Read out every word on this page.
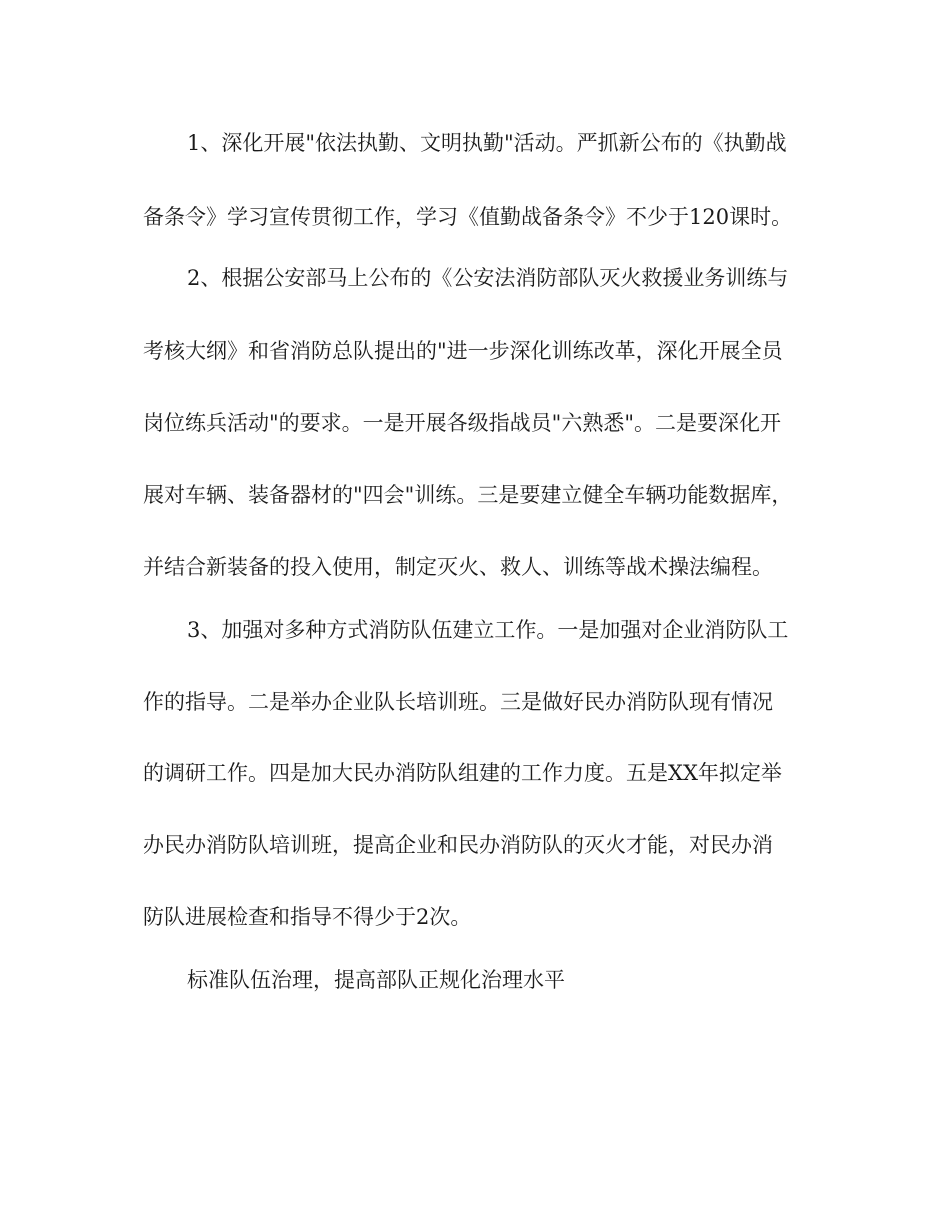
1、深化开展"依法执勤、文明执勤"活动。严抓新公布的《执勤战
备条令》学习宣传贯彻工作，学习《值勤战备条令》不少于120课时。
2、根据公安部马上公布的《公安法消防部队灭火救援业务训练与
考核大纲》和省消防总队提出的"进一步深化训练改革，深化开展全员
岗位练兵活动"的要求。一是开展各级指战员"六熟悉"。二是要深化开
展对车辆、装备器材的"四会"训练。三是要建立健全车辆功能数据库，
并结合新装备的投入使用，制定灭火、救人、训练等战术操法编程。
3、加强对多种方式消防队伍建立工作。一是加强对企业消防队工
作的指导。二是举办企业队长培训班。三是做好民办消防队现有情况
的调研工作。四是加大民办消防队组建的工作力度。五是XX年拟定举
办民办消防队培训班，提高企业和民办消防队的灭火才能，对民办消
防队进展检查和指导不得少于2次。
标准队伍治理，提高部队正规化治理水平
